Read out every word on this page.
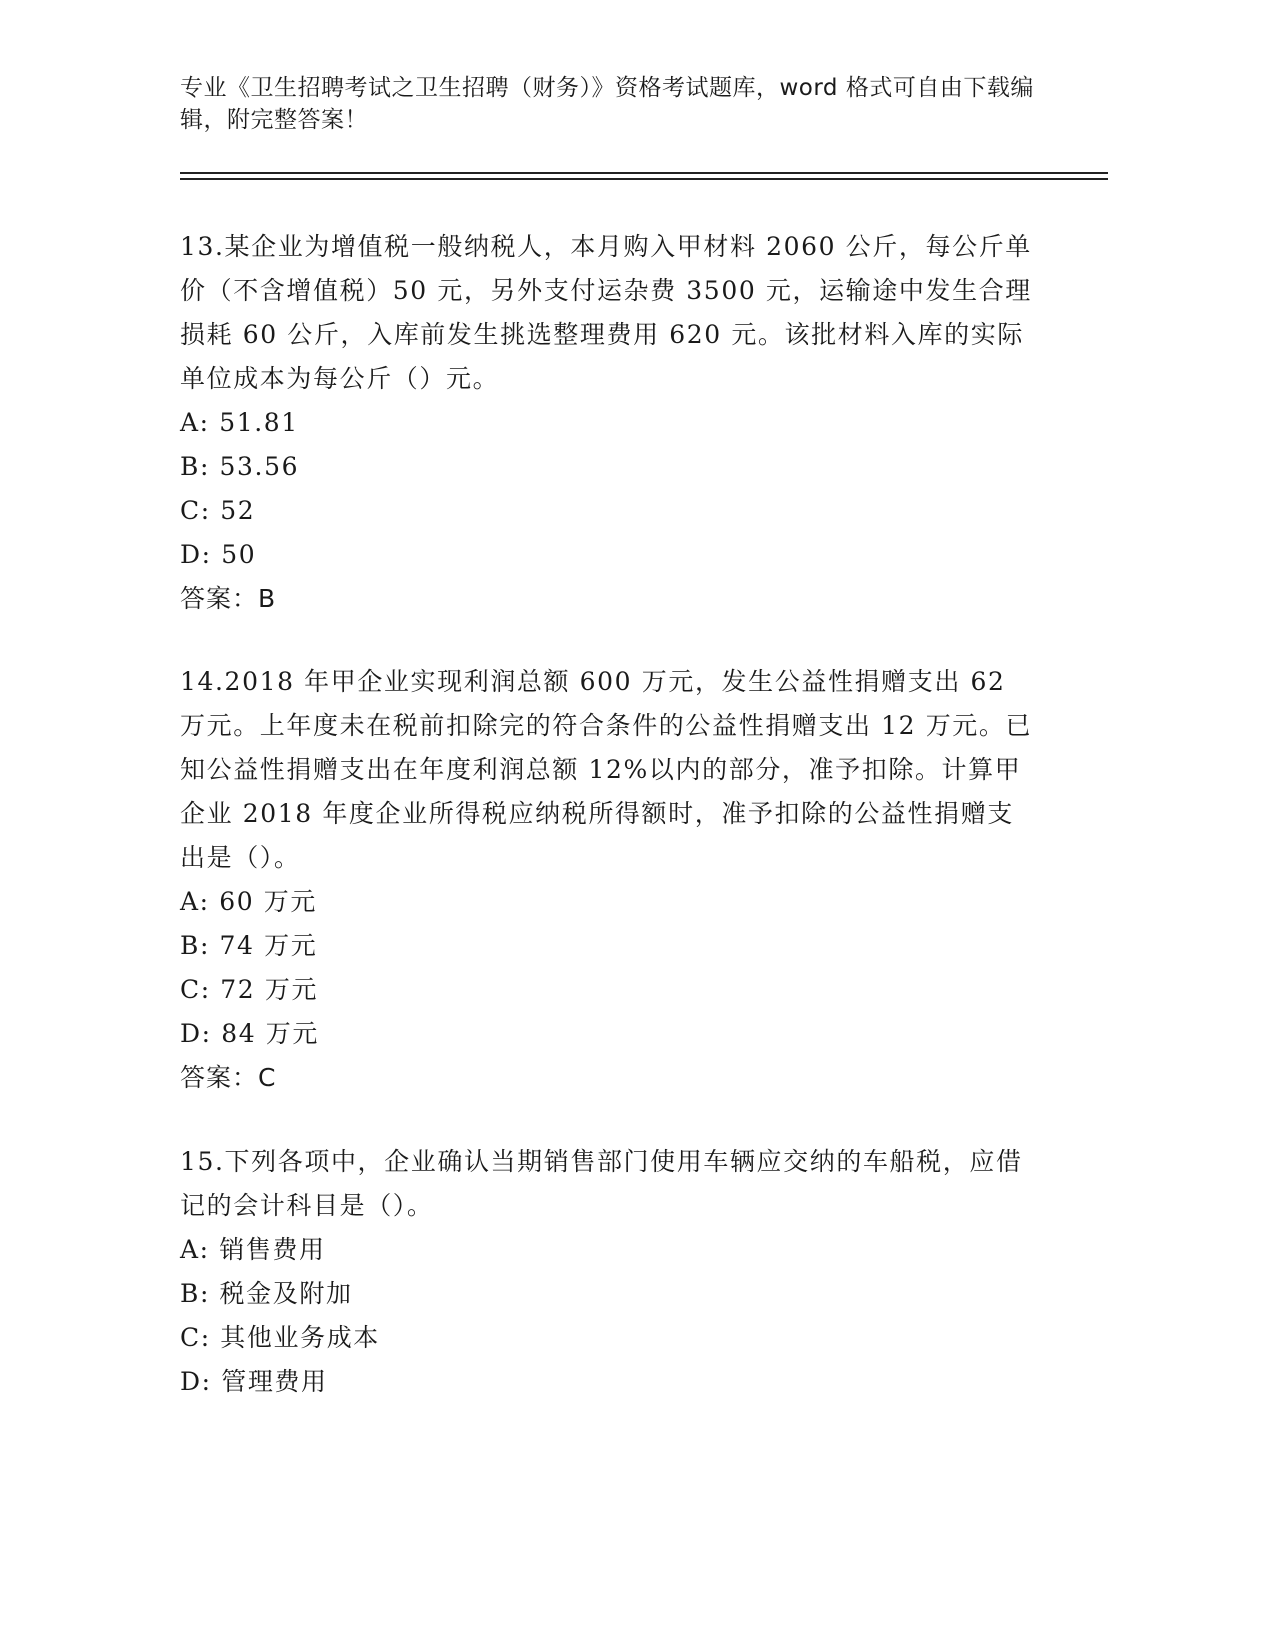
专业《卫生招聘考试之卫生招聘（财务）》资格考试题库，word 格式可自由下载编辑，附完整答案！

13.某企业为增值税一般纳税人，本月购入甲材料 2060 公斤，每公斤单价（不含增值税）50 元，另外支付运杂费 3500 元，运输途中发生合理损耗 60 公斤，入库前发生挑选整理费用 620 元。该批材料入库的实际单位成本为每公斤（）元。

A: 51.81

B: 53.56

C: 52

D: 50

答案：B

14.2018 年甲企业实现利润总额 600 万元，发生公益性捐赠支出 62 万元。上年度未在税前扣除完的符合条件的公益性捐赠支出 12 万元。已知公益性捐赠支出在年度利润总额 12%以内的部分，准予扣除。计算甲企业 2018 年度企业所得税应纳税所得额时，准予扣除的公益性捐赠支出是（）。

A: 60 万元

B: 74 万元

C: 72 万元

D: 84 万元

答案：C

15.下列各项中，企业确认当期销售部门使用车辆应交纳的车船税，应借记的会计科目是（）。

A: 销售费用

B: 税金及附加

C: 其他业务成本

D: 管理费用
